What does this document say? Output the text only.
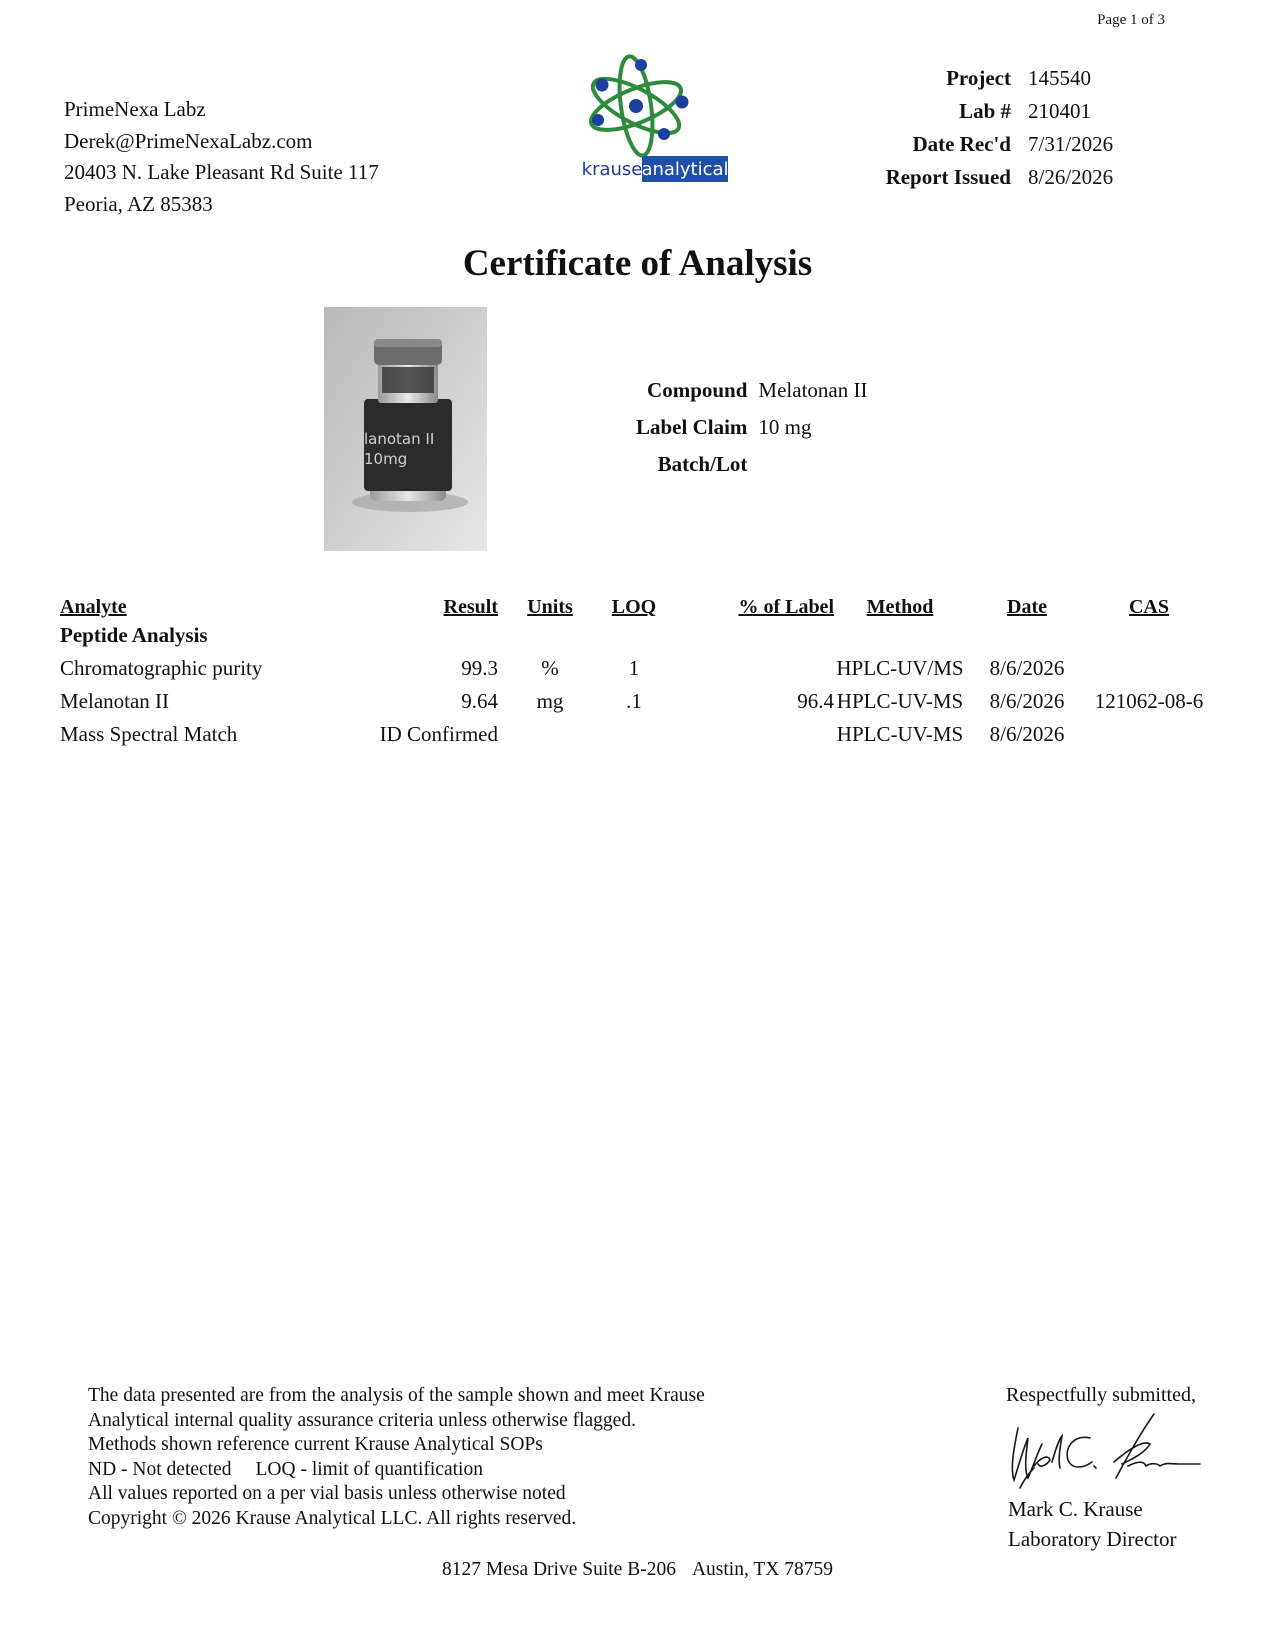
Page 1 of 3
PrimeNexa Labz
Derek@PrimeNexaLabz.com
20403 N. Lake Pleasant Rd Suite 117
Peoria, AZ 85383
krause analytical
Project	145540
Lab #	210401
Date Rec'd	7/31/2026
Report Issued	8/26/2026
Certificate of Analysis
lanotan II
10mg
Compound	Melatonan II
Label Claim	10 mg
Batch/Lot	
Analyte	Result	Units	LOQ	% of Label	Method	Date	CAS
Peptide Analysis							
Chromatographic purity	99.3	%	1		HPLC-UV/MS	8/6/2026	
Melanotan II	9.64	mg	.1	96.4	HPLC-UV-MS	8/6/2026	121062-08-6
Mass Spectral Match	ID Confirmed				HPLC-UV-MS	8/6/2026	
The data presented are from the analysis of the sample shown and meet Krause
Analytical internal quality assurance criteria unless otherwise flagged.
Methods shown reference current Krause Analytical SOPs
ND - Not detected LOQ - limit of quantification
All values reported on a per vial basis unless otherwise noted
Copyright © 2026 Krause Analytical LLC. All rights reserved.
Respectfully submitted,
Mark C. Krause
Laboratory Director
8127 Mesa Drive Suite B-206 Austin, TX 78759
